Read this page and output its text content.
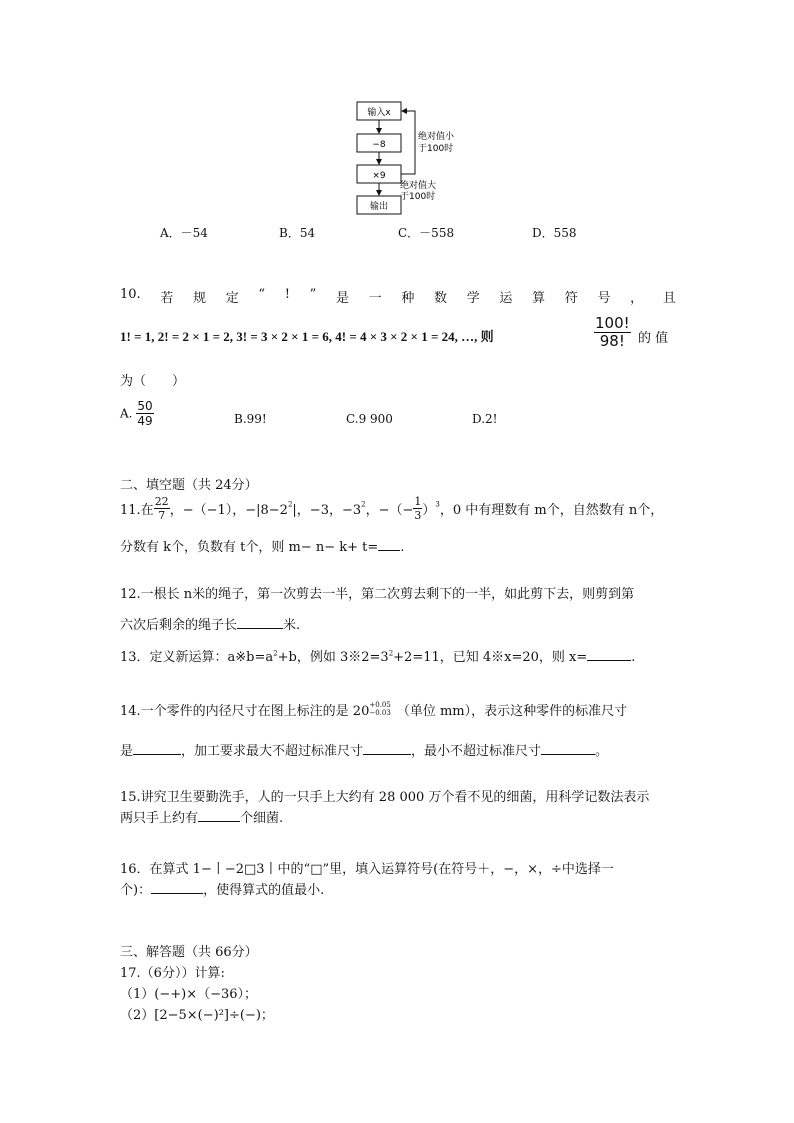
输入x
−8
×9
输出
绝对值小
于100时
绝对值大
于100时
A．－54	B．54	C．－558	D．558
10. 若 规 定 “ ! ” 是 一 种 数 学 运 算 符 号 ， 且
1! = 1, 2! = 2 × 1 = 2, 3! = 3 × 2 × 1 = 6, 4! = 4 × 3 × 2 × 1 = 24, …, 则	$\frac{100!}{98!}$ 的 值
为（　　）
A. $\frac{50}{49}$	B.99!	C.9 900	D.2!
二、填空题（共 24分）
11.在 $\frac{22}{7}$ ，−（−1），$-|8-2^2|$，−3，$-3^2$，−（− $\frac{1}{3} )^3$，0 中有理数有 m个，自然数有 n个，
分数有 k个，负数有 t个，则 m− n− k+ t= .
12.一根长 n米的绳子，第一次剪去一半，第二次剪去剩下的一半，如此剪下去，则剪到第
六次后剩余的绳子长	米.
13．定义新运算：$a※b=a^2+b$，例如 $3※2=3^2+2=11$，已知 4※x=20，则 x=	.
14.一个零件的内径尺寸在图上标注的是 20 +0.05
−0.03 （单位 mm），表示这种零件的标准尺寸
是	，加工要求最大不超过标准尺寸	，最小不超过标准尺寸	。
15.讲究卫生要勤洗手，人的一只手上大约有 28 000 万个看不见的细菌，用科学记数法表示
两只手上约有	个细菌.
16．在算式 1−丨−2□3丨中的“□”里，填入运算符号(在符号＋，−，×，÷中选择一
个)：	，使得算式的值最小.
三、解答题（共 66分）
17.（6分））计算:
（1）(−+)×（−36）；
（2）[2−5×(−)²]÷(−)；
